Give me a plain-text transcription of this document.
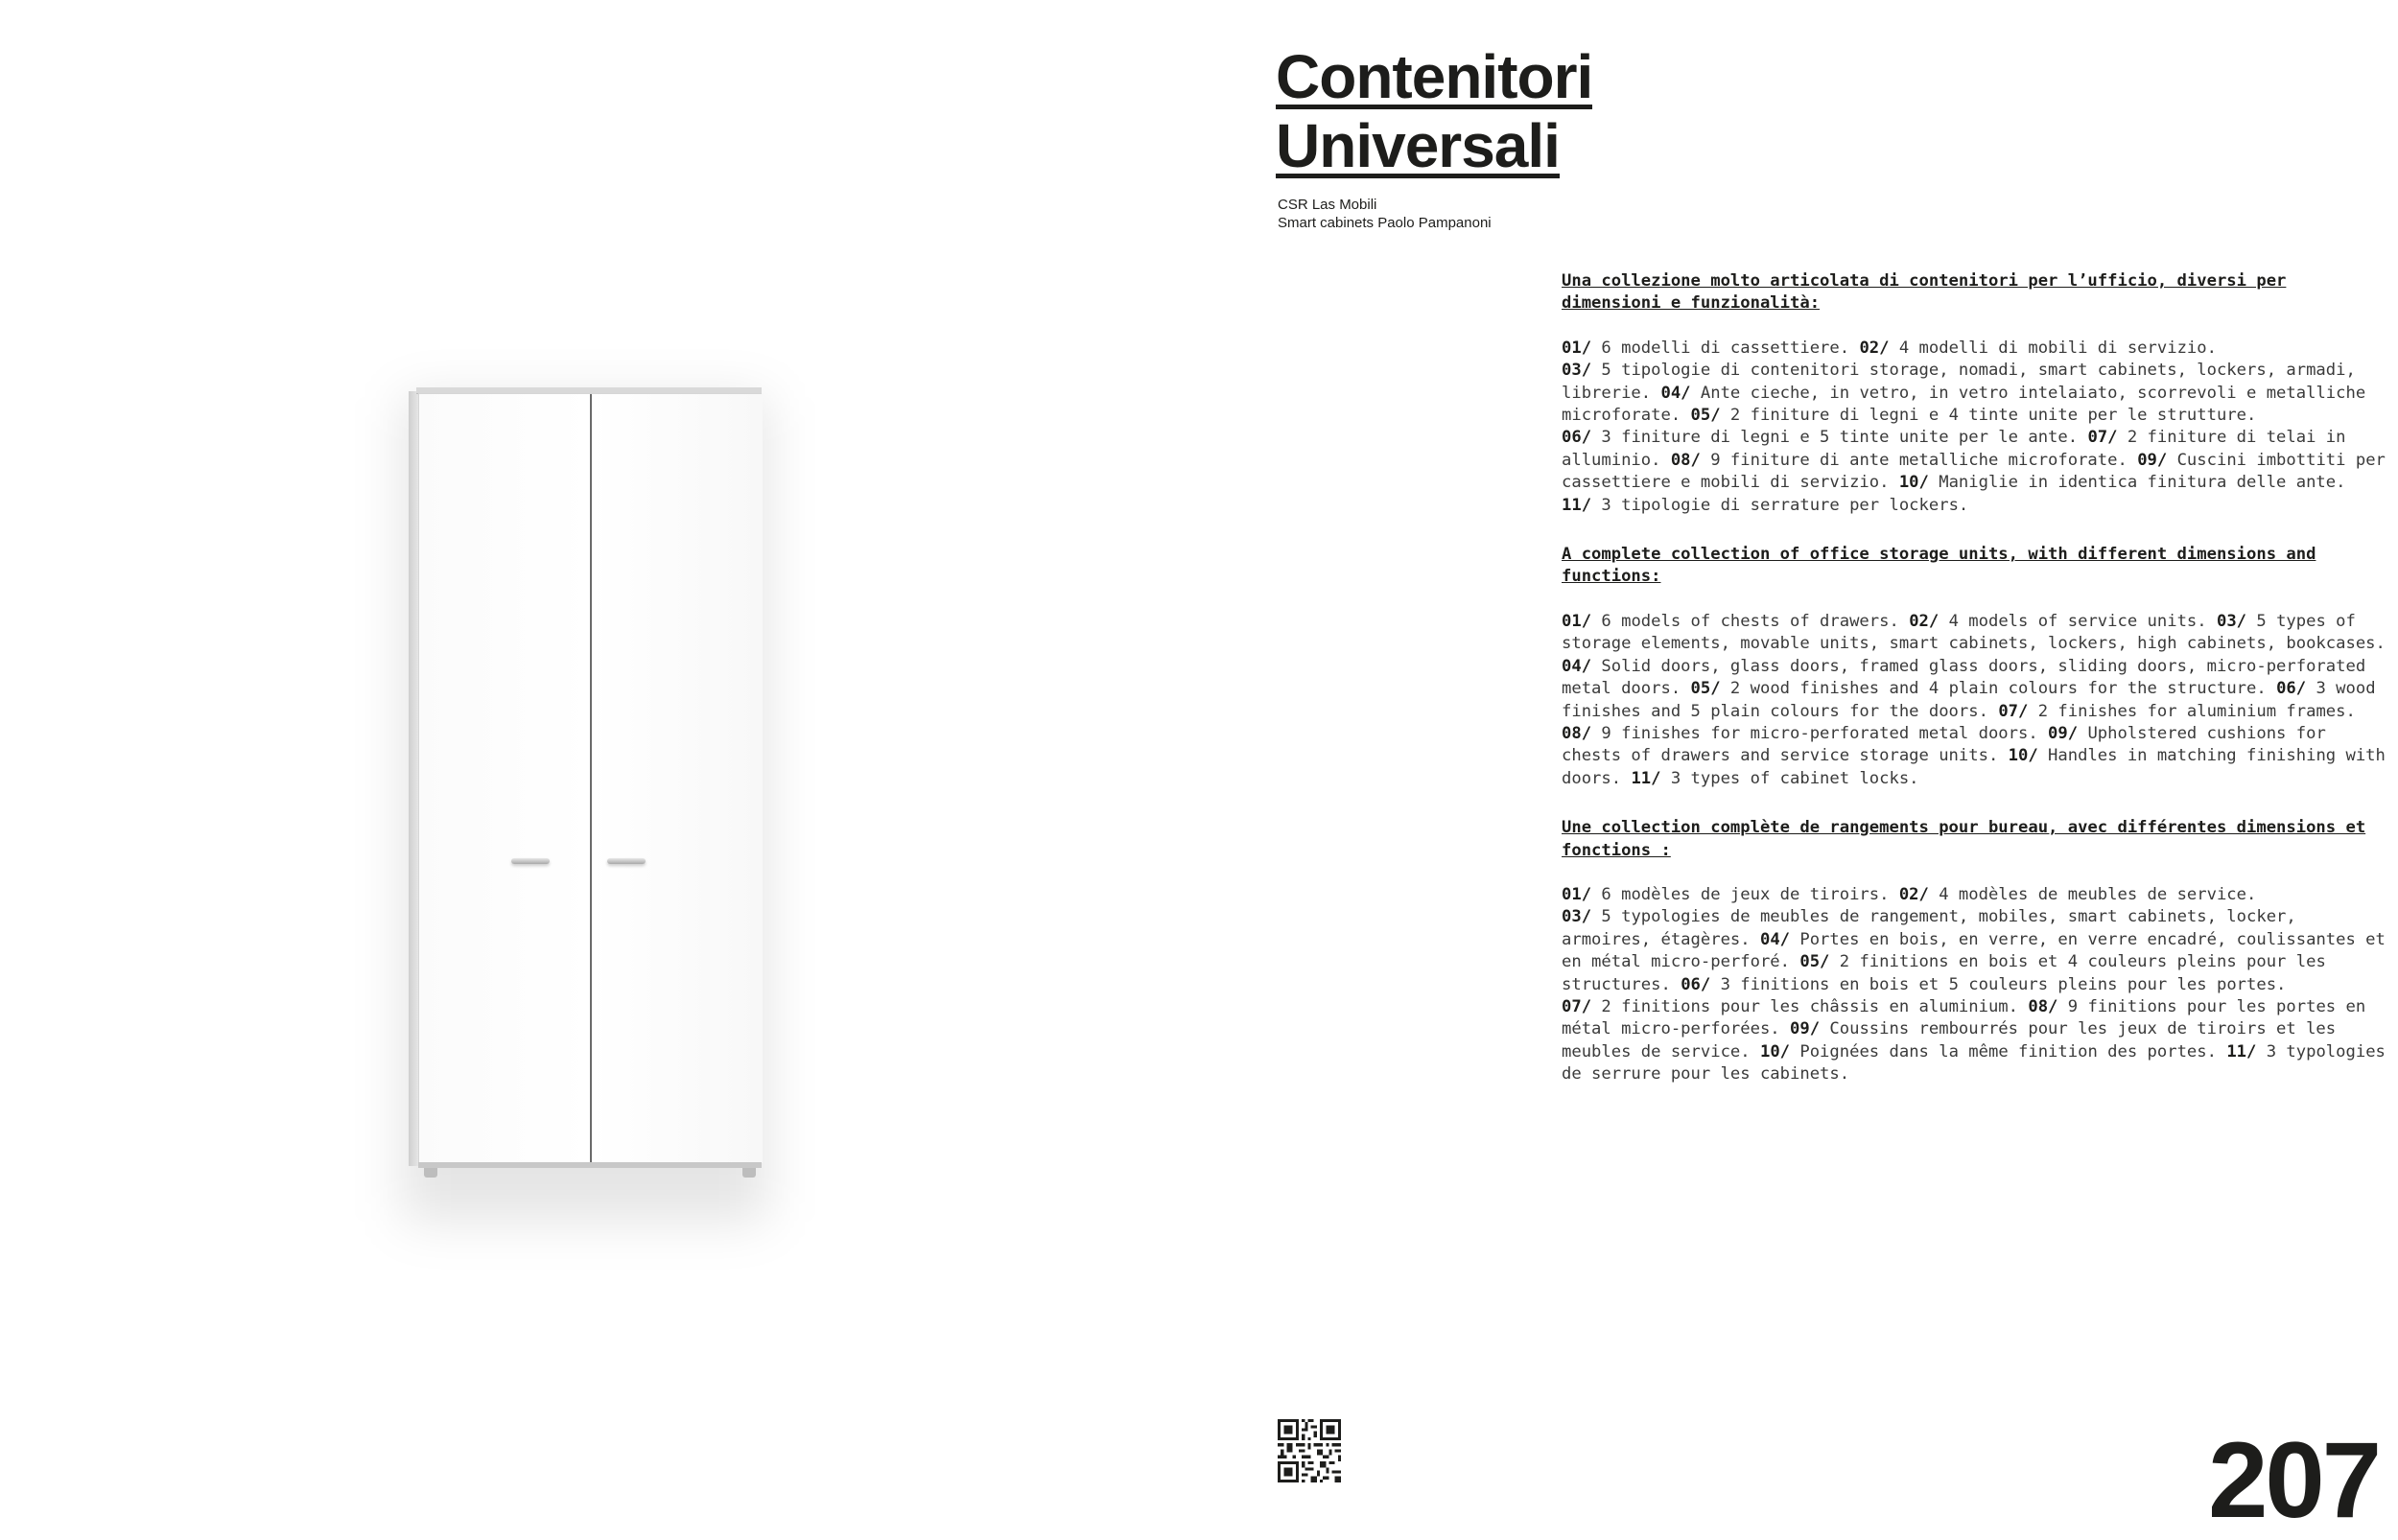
Contenitori
Universali
CSR Las Mobili
Smart cabinets Paolo Pampanoni

Una collezione molto articolata di contenitori per l’ufficio, diversi per dimensioni e funzionalità:

01/ 6 modelli di cassettiere. 02/ 4 modelli di mobili di servizio.
03/ 5 tipologie di contenitori storage, nomadi, smart cabinets, lockers, armadi, librerie. 04/ Ante cieche, in vetro, in vetro intelaiato, scorrevoli e metalliche microforate. 05/ 2 finiture di legni e 4 tinte unite per le strutture.
06/ 3 finiture di legni e 5 tinte unite per le ante. 07/ 2 finiture di telai in alluminio. 08/ 9 finiture di ante metalliche microforate. 09/ Cuscini imbottiti per cassettiere e mobili di servizio. 10/ Maniglie in identica finitura delle ante.
11/ 3 tipologie di serrature per lockers.

A complete collection of office storage units, with different dimensions and functions:

01/ 6 models of chests of drawers. 02/ 4 models of service units. 03/ 5 types of storage elements, movable units, smart cabinets, lockers, high cabinets, bookcases.
04/ Solid doors, glass doors, framed glass doors, sliding doors, micro-perforated metal doors. 05/ 2 wood finishes and 4 plain colours for the structure. 06/ 3 wood finishes and 5 plain colours for the doors. 07/ 2 finishes for aluminium frames.
08/ 9 finishes for micro-perforated metal doors. 09/ Upholstered cushions for chests of drawers and service storage units. 10/ Handles in matching finishing with doors. 11/ 3 types of cabinet locks.

Une collection complète de rangements pour bureau, avec différentes dimensions et fonctions :

01/ 6 modèles de jeux de tiroirs. 02/ 4 modèles de meubles de service.
03/ 5 typologies de meubles de rangement, mobiles, smart cabinets, locker, armoires, étagères. 04/ Portes en bois, en verre, en verre encadré, coulissantes et en métal micro-perforé. 05/ 2 finitions en bois et 4 couleurs pleins pour les structures. 06/ 3 finitions en bois et 5 couleurs pleins pour les portes.
07/ 2 finitions pour les châssis en aluminium. 08/ 9 finitions pour les portes en métal micro-perforées. 09/ Coussins rembourrés pour les jeux de tiroirs et les meubles de service. 10/ Poignées dans la même finition des portes. 11/ 3 typologies de serrure pour les cabinets.

207
